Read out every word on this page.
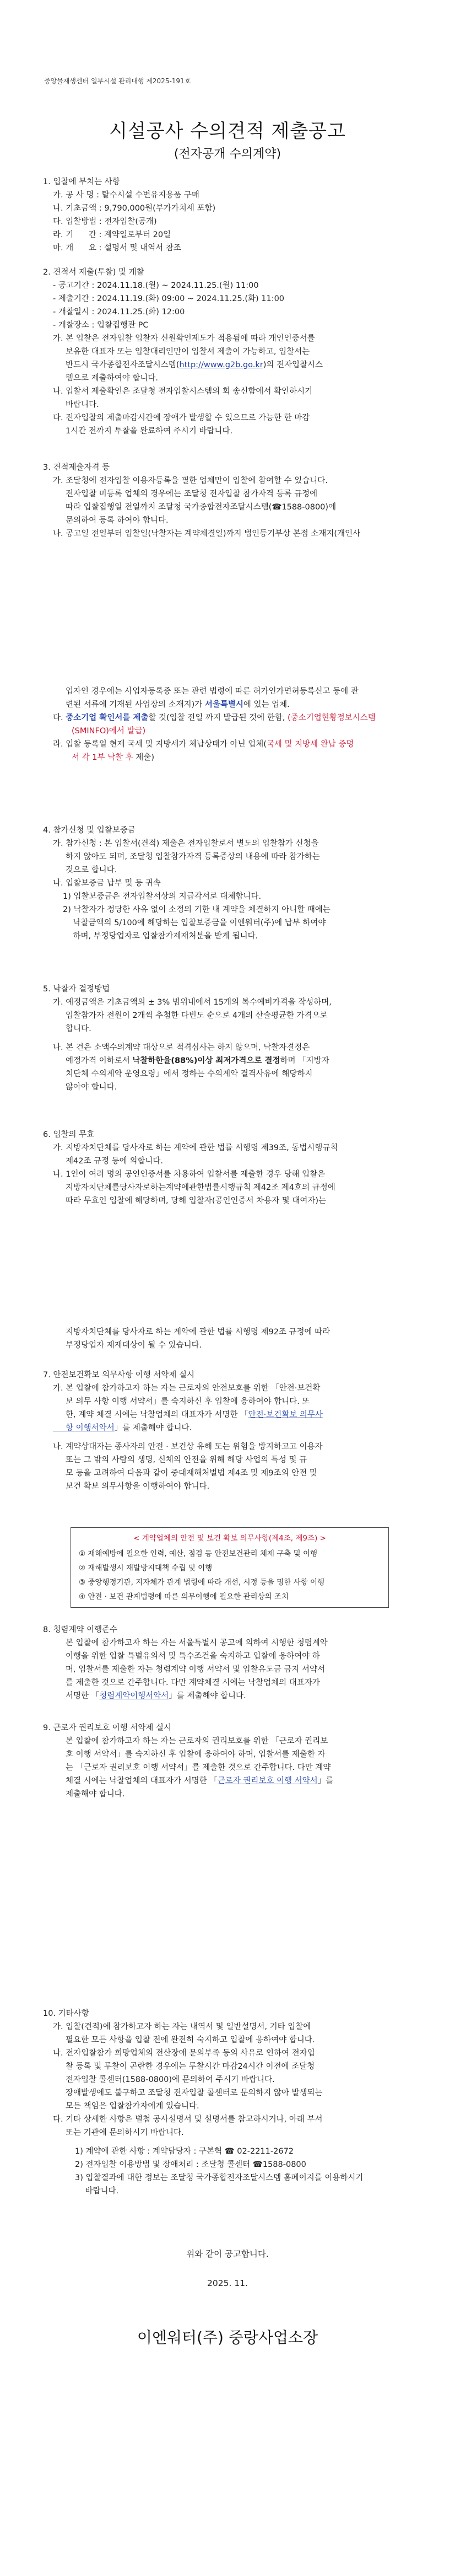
중앙물재생센터 일부시설 관리대행 제2025-191호
시설공사 수의견적 제출공고
(전자공개 수의계약)

1. 입찰에 부치는 사항

가. 공 사 명 : 탈수시설 수변유지용품 구매

나. 기초금액 : 9,790,000원(부가가치세 포함)

다. 입찰방법 : 전자입찰(공개)

라. 기      간 : 계약일로부터 20일

마. 개      요 : 설명서 및 내역서 참조

2. 견적서 제출(투찰) 및 개찰

- 공고기간 : 2024.11.18.(월) ~ 2024.11.25.(월) 11:00

- 제출기간 : 2024.11.19.(화) 09:00 ~ 2024.11.25.(화) 11:00

- 개찰일시 : 2024.11.25.(화) 12:00

- 개찰장소 : 입찰집행관 PC

가. 본 입찰은 전자입찰 입찰자 신원확인제도가 적용됨에 따라 개인인증서를

보유한 대표자 또는 입찰대리인만이 입찰서 제출이 가능하고, 입찰서는

반드시 국가종합전자조달시스템(http://www.g2b.go.kr)의 전자입찰시스

템으로 제출하여야 합니다.

나. 입찰서 제출확인은 조달청 전자입찰시스템의 회 송신함에서 확인하시기

바랍니다.

다. 전자입찰의 제출마감시간에 장애가 발생할 수 있으므로 가능한 한 마감

1시간 전까지 투찰을 완료하여 주시기 바랍니다.

3. 견적제출자격 등

가. 조달청에 전자입찰 이용자등록을 필한 업체만이 입찰에 참여할 수 있습니다.

전자입찰 미등록 업체의 경우에는 조달청 전자입찰 참가자격 등록 규정에

따라 입찰집행일 전일까지 조달청 국가종합전자조달시스템(☎1588-0800)에

문의하여 등록 하여야 합니다.

나. 공고일 전일부터 입찰일(낙찰자는 계약체결일)까지 법인등기부상 본점 소재지(개인사

업자인 경우에는 사업자등록증 또는 관련 법령에 따른 허가인가면허등록신고 등에 관

련된 서류에 기재된 사업장의 소재지)가 서울특별시에 있는 업체.

다. 중소기업 확인서를 제출할 것(입찰 전일 까지 발급된 것에 한함, (중소기업현황정보시스템

(SMINFO)에서 발급)

라. 입찰 등록일 현재 국세 및 지방세가 체납상태가 아닌 업체(국세 및 지방세 완납 증명

서 각 1부 낙찰 후 제출)

4. 참가신청 및 입찰보증금

가. 참가신청 : 본 입찰서(견적) 제출은 전자입찰로서 별도의 입찰참가 신청을

하지 않아도 되며, 조달청 입찰참가자격 등록증상의 내용에 따라 참가하는

것으로 합니다.

나. 입찰보증금 납부 및 등 귀속

1) 입찰보증금은 전자입찰서상의 지급각서로 대체합니다.

2) 낙찰자가 정당한 사유 없이 소정의 기한 내 계약을 체결하지 아니할 때에는

낙찰금액의 5/100에 해당하는 입찰보증금을 이엔워터(주)에 납부 하여야

하며, 부정당업자로 입찰참가제재처분을 받게 됩니다.

5. 낙찰자 결정방법

가. 예정금액은 기초금액의 ± 3% 범위내에서 15개의 복수예비가격을 작성하며,

입찰참가자 전원이 2개씩 추첨한 다빈도 순으로 4개의 산술평균한 가격으로

합니다.

나. 본 건은 소액수의계약 대상으로 적격심사는 하지 않으며, 낙찰자결정은

예정가격 이하로서 낙찰하한율(88%)이상 최저가격으로 결정하며 「지방자

치단체 수의계약 운영요령」에서 정하는 수의계약 결격사유에 해당하지

않아야 합니다.

6. 입찰의 무효

가. 지방자치단체를 당사자로 하는 계약에 관한 법률 시행령 제39조, 동법시행규칙

제42조 규정 등에 의합니다.

나. 1인이 여러 명의 공인인증서를 차용하여 입찰서를 제출한 경우 당해 입찰은

지방자치단체를당사자로하는계약에관한법률시행규칙 제42조 제4호의 규정에

따라 무효인 입찰에 해당하며, 당해 입찰자(공인인증서 차용자 및 대여자)는

지방자치단체를 당사자로 하는 계약에 관한 법률 시행령 제92조 규정에 따라

부정당업자 제재대상이 될 수 있습니다.

7. 안전보건확보 의무사항 이행 서약제 실시

가. 본 입찰에 참가하고자 하는 자는 근로자의 안전보호를 위한 「안전·보건확

보 의무 사항 이행 서약서」를 숙지하신 후 입찰에 응하여야 합니다. 또

한, 계약 체결 시에는 낙찰업체의 대표자가 서명한 「안전·보건확보 의무사

항 이행서약서」를 제출해야 합니다.

나. 계약상대자는 종사자의 안전 · 보건상 유해 또는 위험을 방지하고고 이용자

또는 그 밖의 사람의 생명, 신체의 안전을 위해 해당 사업의 특성 및 규

모 등을 고려하여 다음과 같이 중대재해처벌법 제4조 및 제9조의 안전 및

보건 확보 의무사항을 이행하여야 합니다.

< 계약업체의 안전 및 보건 확보 의무사항(제4조, 제9조) >
① 재해예방에 필요한 인력, 예산, 점검 등 안전보건관리 체제 구축 및 이행
② 재해발생시 재발방지대책 수립 및 이행
③ 중앙행정기관, 지자체가 관계 법령에 따라 개선, 시정 등을 명한 사항 이행
④ 안전 · 보건 관계법령에 따른 의무이행에 필요한 관리상의 조치

8. 청렴계약 이행준수

본 입찰에 참가하고자 하는 자는 서울특별시 공고에 의하여 시행한 청렴계약

이행을 위한 입찰 특별유의서 및 특수조건을 숙지하고 입찰에 응하여야 하

며, 입찰서를 제출한 자는 청렴계약 이행 서약서 및 입찰유도금 금지 서약서

를 제출한 것으로 간주합니다. 다만 계약체결 시에는 낙찰업체의 대표자가

서명한 「청렴계약이행서약서」를 제출해야 합니다.

9. 근로자 권리보호 이행 서약제 실시

본 입찰에 참가하고자 하는 자는 근로자의 권리보호를 위한 「근로자 권리보

호 이행 서약서」를 숙지하신 후 입찰에 응하여야 하며, 입찰서를 제출한 자

는 「근로자 권리보호 이행 서약서」를 제출한 것으로 간주합니다. 다만 계약

체결 시에는 낙찰업체의 대표자가 서명한 「근로자 권리보호 이행 서약서」를

제출해야 합니다.

10. 기타사항

가. 입찰(견적)에 참가하고자 하는 자는 내역서 및 일반설명서, 기타 입찰에

필요한 모든 사항을 입찰 전에 완전히 숙지하고 입찰에 응하여야 합니다.

나. 전자입찰참가 희망업체의 전산장애 문의부족 등의 사유로 인하여 전자입

찰 등록 및 투찰이 곤란한 경우에는 투찰시간 마감24시간 이전에 조달청

전자입찰 콜센터(1588-0800)에 문의하여 주시기 바랍니다.

장애발생에도 불구하고 조달청 전자입찰 콜센터로 문의하지 않아 발생되는

모든 책임은 입찰참가자에게 있습니다.

다. 기타 상세한 사항은 별첨 공사설명서 및 설명서를 참고하시거나, 아래 부서

또는 기관에 문의하시기 바랍니다.

1) 계약에 관한 사항 : 계약담당자 : 구본혁 ☎ 02-2211-2672

2) 전자입찰 이용방법 및 장애처리 : 조달청 콜센터 ☎1588-0800

3) 입찰결과에 대한 정보는 조달청 국가종합전자조달시스템 홈페이지를 이용하시기

바랍니다.

위와 같이 공고합니다.
2025. 11.
이엔워터(주) 중랑사업소장
